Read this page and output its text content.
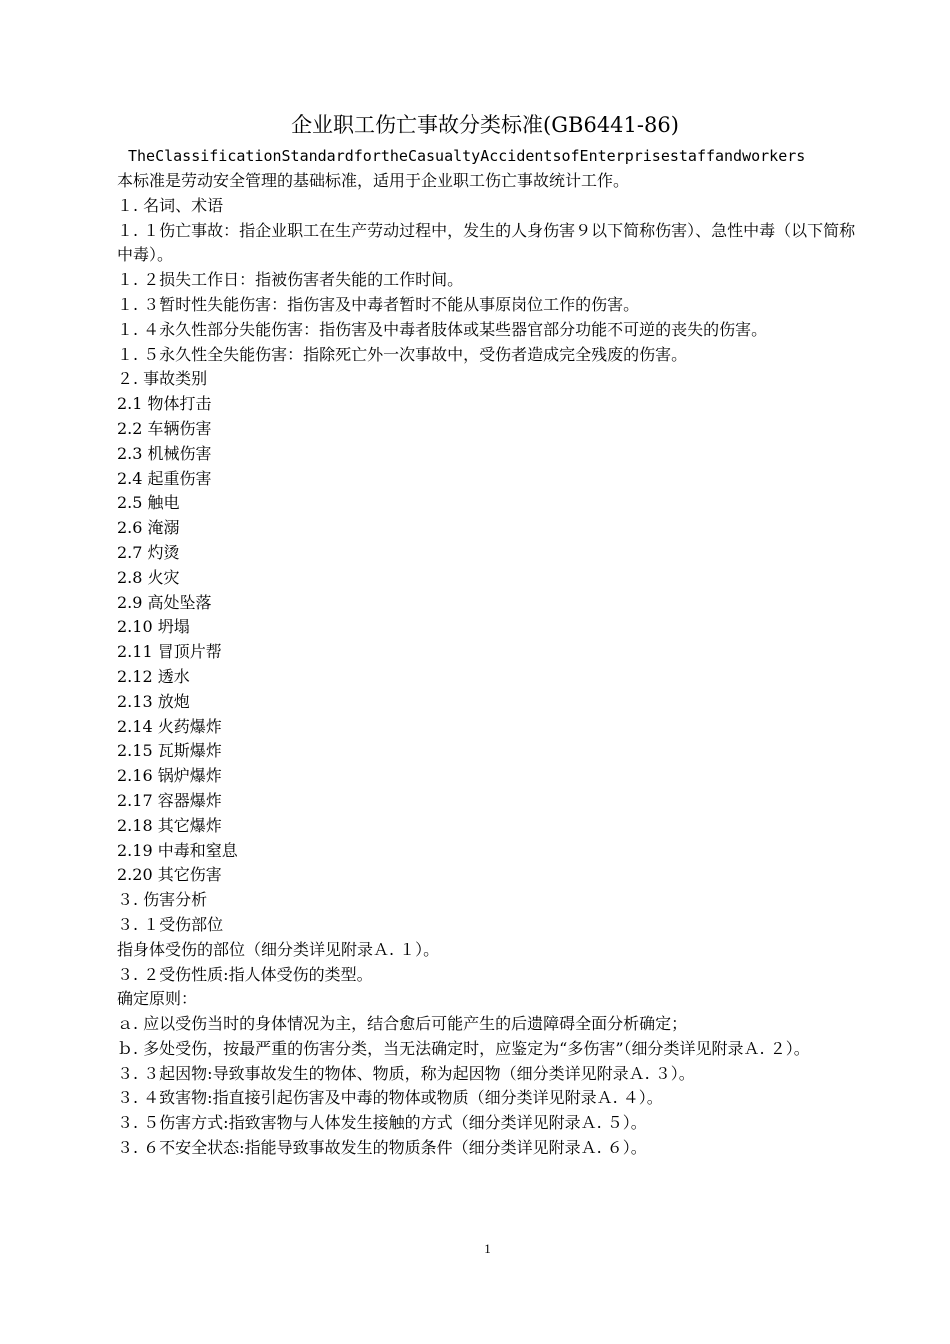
企业职工伤亡事故分类标准(GB6441-86)
TheClassificationStandardfortheCasualtyAccidentsofEnterprisestaffandworkers

本标准是劳动安全管理的基础标准，适用于企业职工伤亡事故统计工作。

１. 名词、术语

１. １伤亡事故：指企业职工在生产劳动过程中，发生的人身伤害９以下简称伤害）、急性中毒（以下简称中毒）。

１. ２损失工作日：指被伤害者失能的工作时间。

１. ３暂时性失能伤害：指伤害及中毒者暂时不能从事原岗位工作的伤害。

１. ４永久性部分失能伤害：指伤害及中毒者肢体或某些器官部分功能不可逆的丧失的伤害。

１. ５永久性全失能伤害：指除死亡外一次事故中，受伤者造成完全残废的伤害。

２. 事故类别

2.1 物体打击

2.2 车辆伤害

2.3 机械伤害

2.4 起重伤害

2.5 触电

2.6 淹溺

2.7 灼烫

2.8 火灾

2.9 高处坠落

2.10 坍塌

2.11 冒顶片帮

2.12 透水

2.13 放炮

2.14 火药爆炸

2.15 瓦斯爆炸

2.16 锅炉爆炸

2.17 容器爆炸

2.18 其它爆炸

2.19 中毒和窒息

2.20 其它伤害

３. 伤害分析

３. １受伤部位

指身体受伤的部位（细分类详见附录Ａ. １）。

３. ２受伤性质:指人体受伤的类型。

确定原则：

ａ. 应以受伤当时的身体情况为主，结合愈后可能产生的后遗障碍全面分析确定；

ｂ. 多处受伤，按最严重的伤害分类，当无法确定时，应鉴定为“多伤害”（细分类详见附录Ａ. ２）。

３. ３起因物:导致事故发生的物体、物质，称为起因物（细分类详见附录Ａ. ３）。

３. ４致害物:指直接引起伤害及中毒的物体或物质（细分类详见附录Ａ. ４）。

３. ５伤害方式:指致害物与人体发生接触的方式（细分类详见附录Ａ. ５）。

３. ６不安全状态:指能导致事故发生的物质条件（细分类详见附录Ａ. ６）。

1
